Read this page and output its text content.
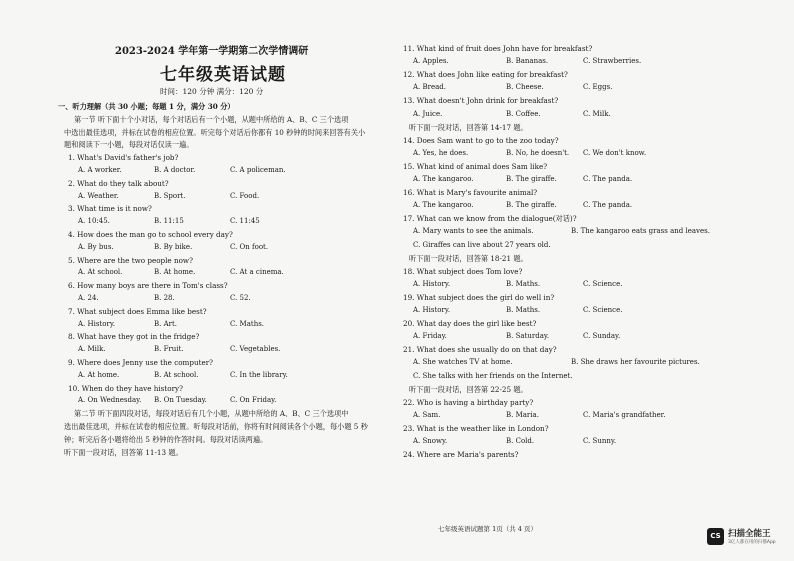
2023-2024 学年第一学期第二次学情调研
七年级英语试题
时间：120 分钟 满分：120 分
七年级英语试题第 1页（共 4 页）
CS 扫描全能王
3亿人都在用的扫描App
一、听力理解（共 30 小题；每题 1 分，满分 30 分）
第一节 听下面十个小对话，每个对话后有一个小题，从题中所给的 A、B、C 三个选项
中选出最佳选项，并标在试卷的相应位置。听完每个对话后你都有 10 秒钟的时间来回答有关小
题和阅读下一小题，每段对话仅读一遍。
1. What's David's father's job?
A. A worker.	B. A doctor.	C. A policeman.
2. What do they talk about?
A. Weather.	B. Sport.	C. Food.
3. What time is it now?
A. 10:45.	B. 11:15	C. 11:45
4. How does the man go to school every day?
A. By bus.	B. By bike.	C. On foot.
5. Where are the two people now?
A. At school.	B. At home.	C. At a cinema.
6. How many boys are there in Tom's class?
A. 24.	B. 28.	C. 52.
7. What subject does Emma like best?
A. History.	B. Art.	C. Maths.
8. What have they got in the fridge?
A. Milk.	B. Fruit.	C. Vegetables.
9. Where does Jenny use the computer?
A. At home.	B. At school.	C. In the library.
10. When do they have history?
A. On Wednesday. B. On Tuesday.	C. On Friday.
第二节 听下面四段对话，每段对话后有几个小题，从题中所给的 A、B、C 三个选项中
选出最佳选项，并标在试卷的相应位置。听每段对话前，你将有时间阅读各个小题，每小题 5 秒
钟；听完后各小题将给出 5 秒钟的作答时间。每段对话读两遍。
听下面一段对话，回答第 11-13 题。
11. What kind of fruit does John have for breakfast?
A. Apples.	B. Bananas.	C. Strawberries.
12. What does John like eating for breakfast?
A. Bread.	B. Cheese.	C. Eggs.
13. What doesn't John drink for breakfast?
A. Juice.	B. Coffee.	C. Milk.
听下面一段对话，回答第 14-17 题。
14. Does Sam want to go to the zoo today?
A. Yes, he does.	B. No, he doesn't. C. We don't know.
15. What kind of animal does Sam like?
A. The kangaroo.	B. The giraffe.	C. The panda.
16. What is Mary's favourite animal?
A. The kangaroo.	B. The giraffe.	C. The panda.
17. What can we know from the dialogue(对话)?
A. Mary wants to see the animals.	B. The kangaroo eats grass and leaves.
C. Giraffes can live about 27 years old.
听下面一段对话，回答第 18-21 题。
18. What subject does Tom love?
A. History.	B. Maths.	C. Science.
19. What subject does the girl do well in?
A. History.	B. Maths.	C. Science.
20. What day does the girl like best?
A. Friday.	B. Saturday.	C. Sunday.
21. What does she usually do on that day?
A. She watches TV at home.	B. She draws her favourite pictures.
C. She talks with her friends on the Internet.
听下面一段对话，回答第 22-25 题。
22. Who is having a birthday party?
A. Sam.	B. Maria.	C. Maria's grandfather.
23. What is the weather like in London?
A. Snowy.	B. Cold.	C. Sunny.
24. Where are Maria's parents?
